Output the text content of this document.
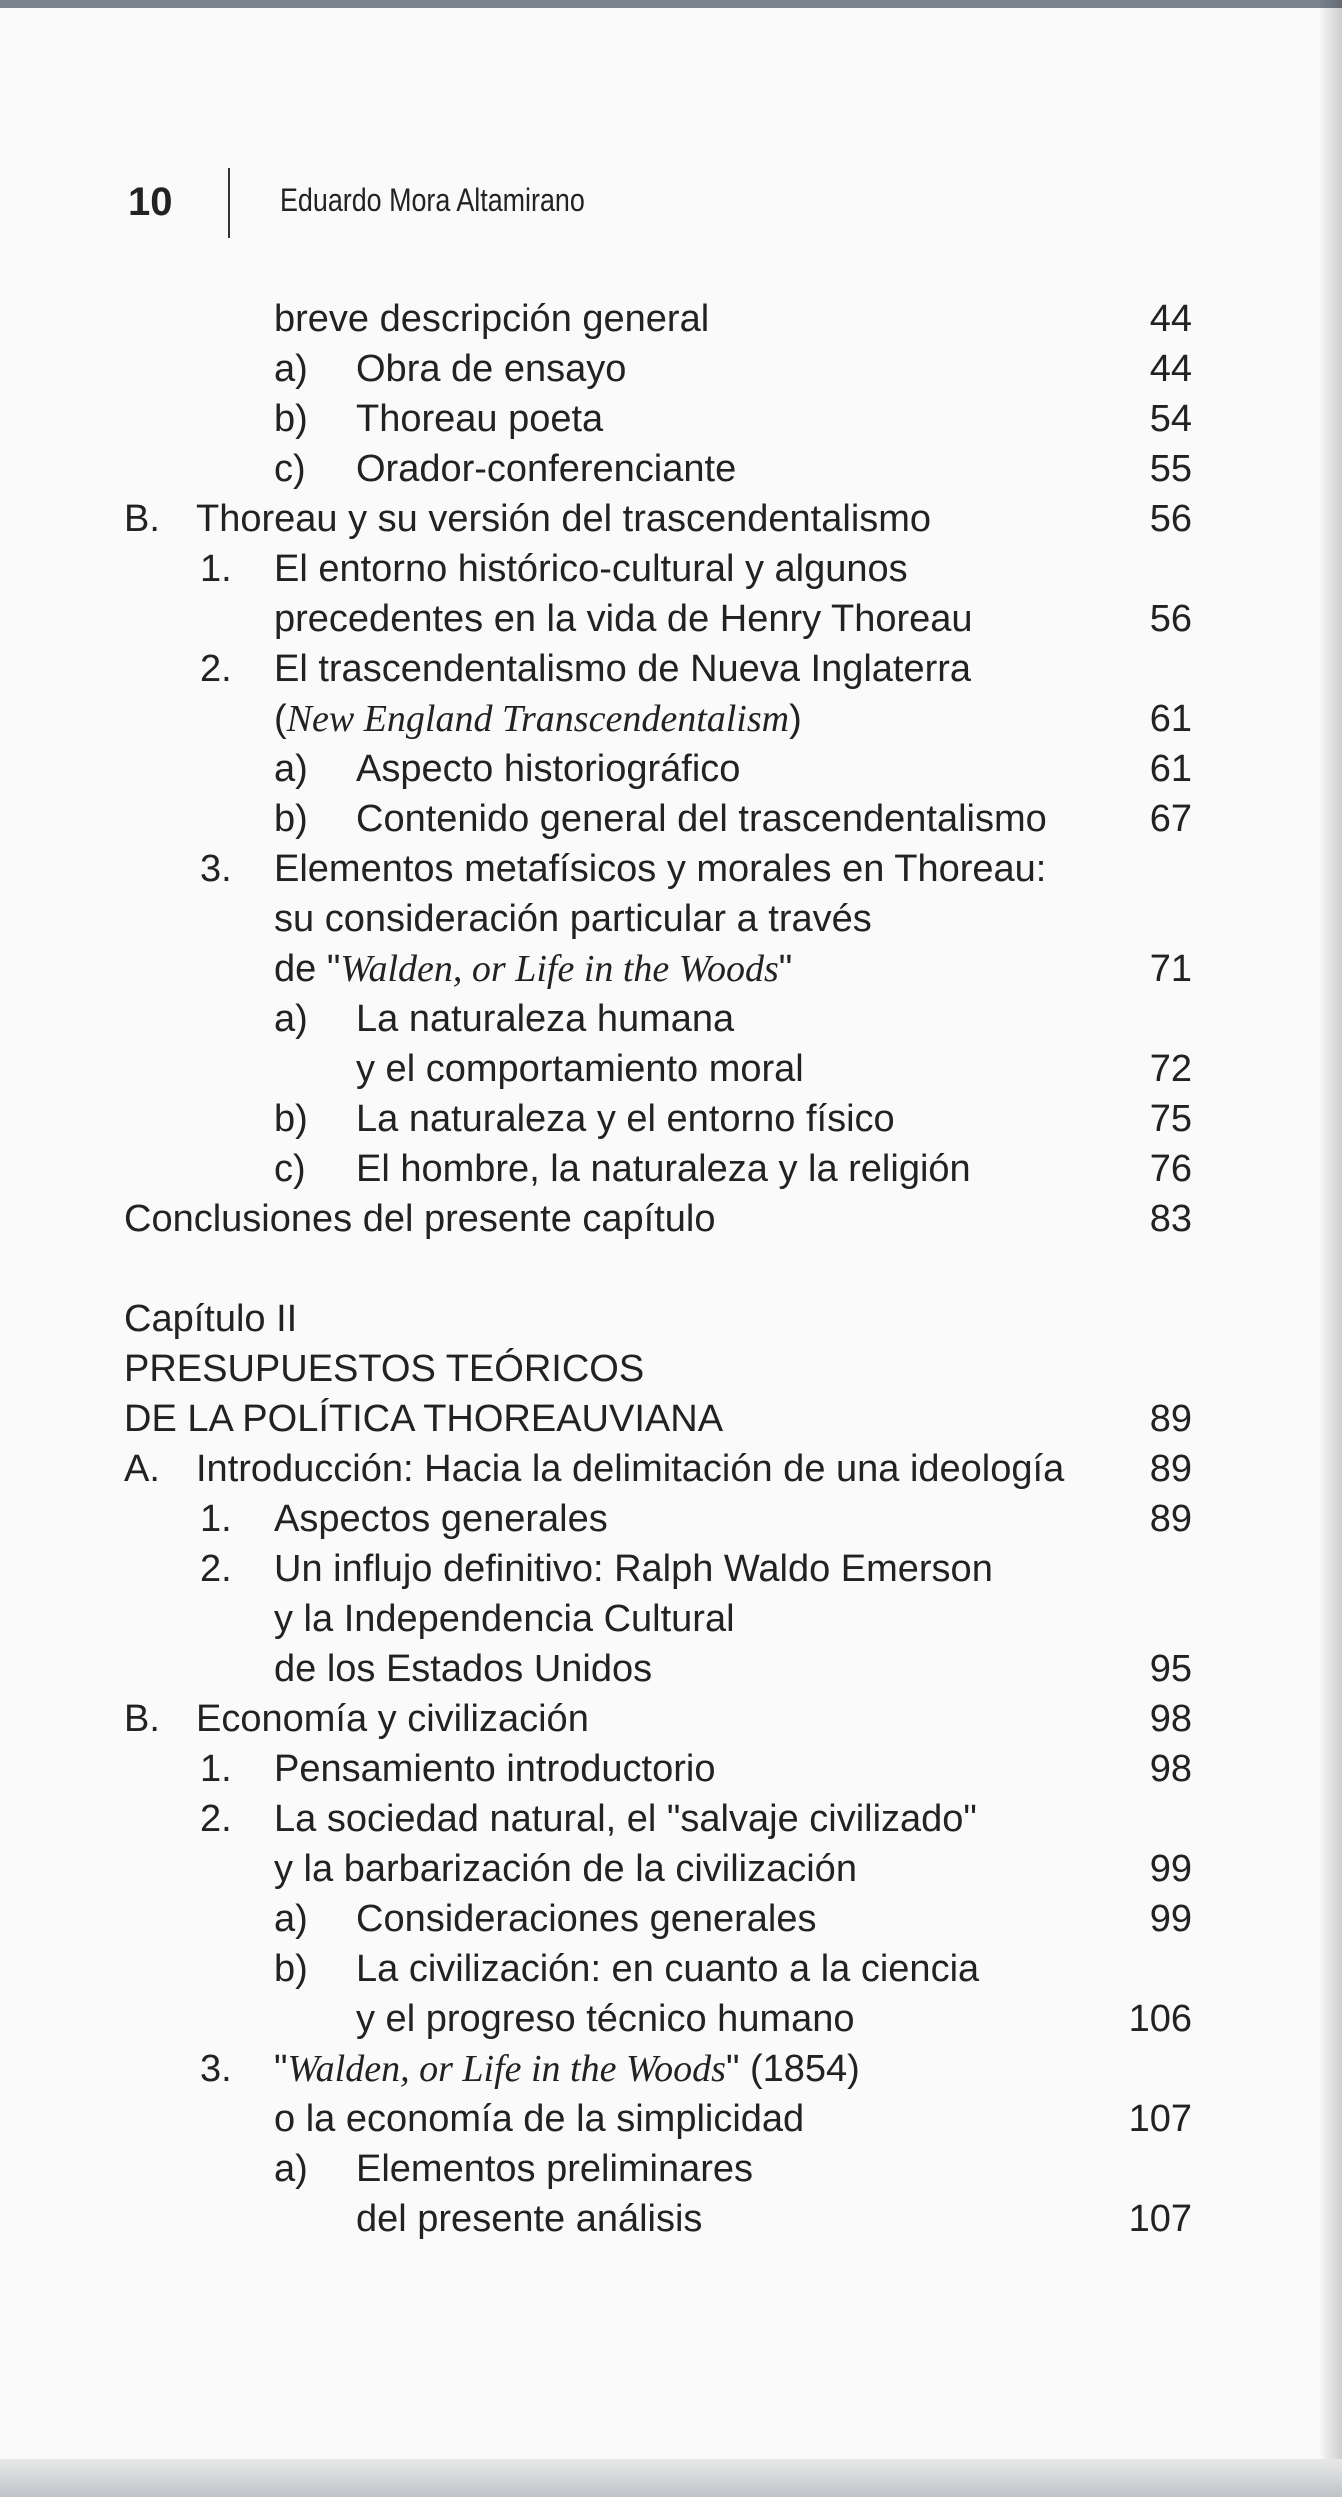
10	Eduardo Mora Altamirano
breve descripción general	44
a)	Obra de ensayo	44
b)	Thoreau poeta	54
c)	Orador-conferenciante	55
B. Thoreau y su versión del trascendentalismo	56
1.	El entorno histórico-cultural y algunos
precedentes en la vida de Henry Thoreau	56
2.	El trascendentalismo de Nueva Inglaterra
(New England Transcendentalism)	61
a)	Aspecto historiográfico	61
b)	Contenido general del trascendentalismo	67
3.	Elementos metafísicos y morales en Thoreau:
su consideración particular a través
de "Walden, or Life in the Woods"	71
a)	La naturaleza humana
y el comportamiento moral	72
b)	La naturaleza y el entorno físico	75
c)	El hombre, la naturaleza y la religión	76
Conclusiones del presente capítulo	83
Capítulo II
PRESUPUESTOS TEÓRICOS
DE LA POLÍTICA THOREAUVIANA	89
A. Introducción: Hacia la delimitación de una ideología	89
1.	Aspectos generales	89
2.	Un influjo definitivo: Ralph Waldo Emerson
y la Independencia Cultural
de los Estados Unidos	95
B. Economía y civilización	98
1.	Pensamiento introductorio	98
2.	La sociedad natural, el "salvaje civilizado"
y la barbarización de la civilización	99
a)	Consideraciones generales	99
b)	La civilización: en cuanto a la ciencia
y el progreso técnico humano	106
3.	"Walden, or Life in the Woods" (1854)
o la economía de la simplicidad	107
a)	Elementos preliminares
del presente análisis	107
